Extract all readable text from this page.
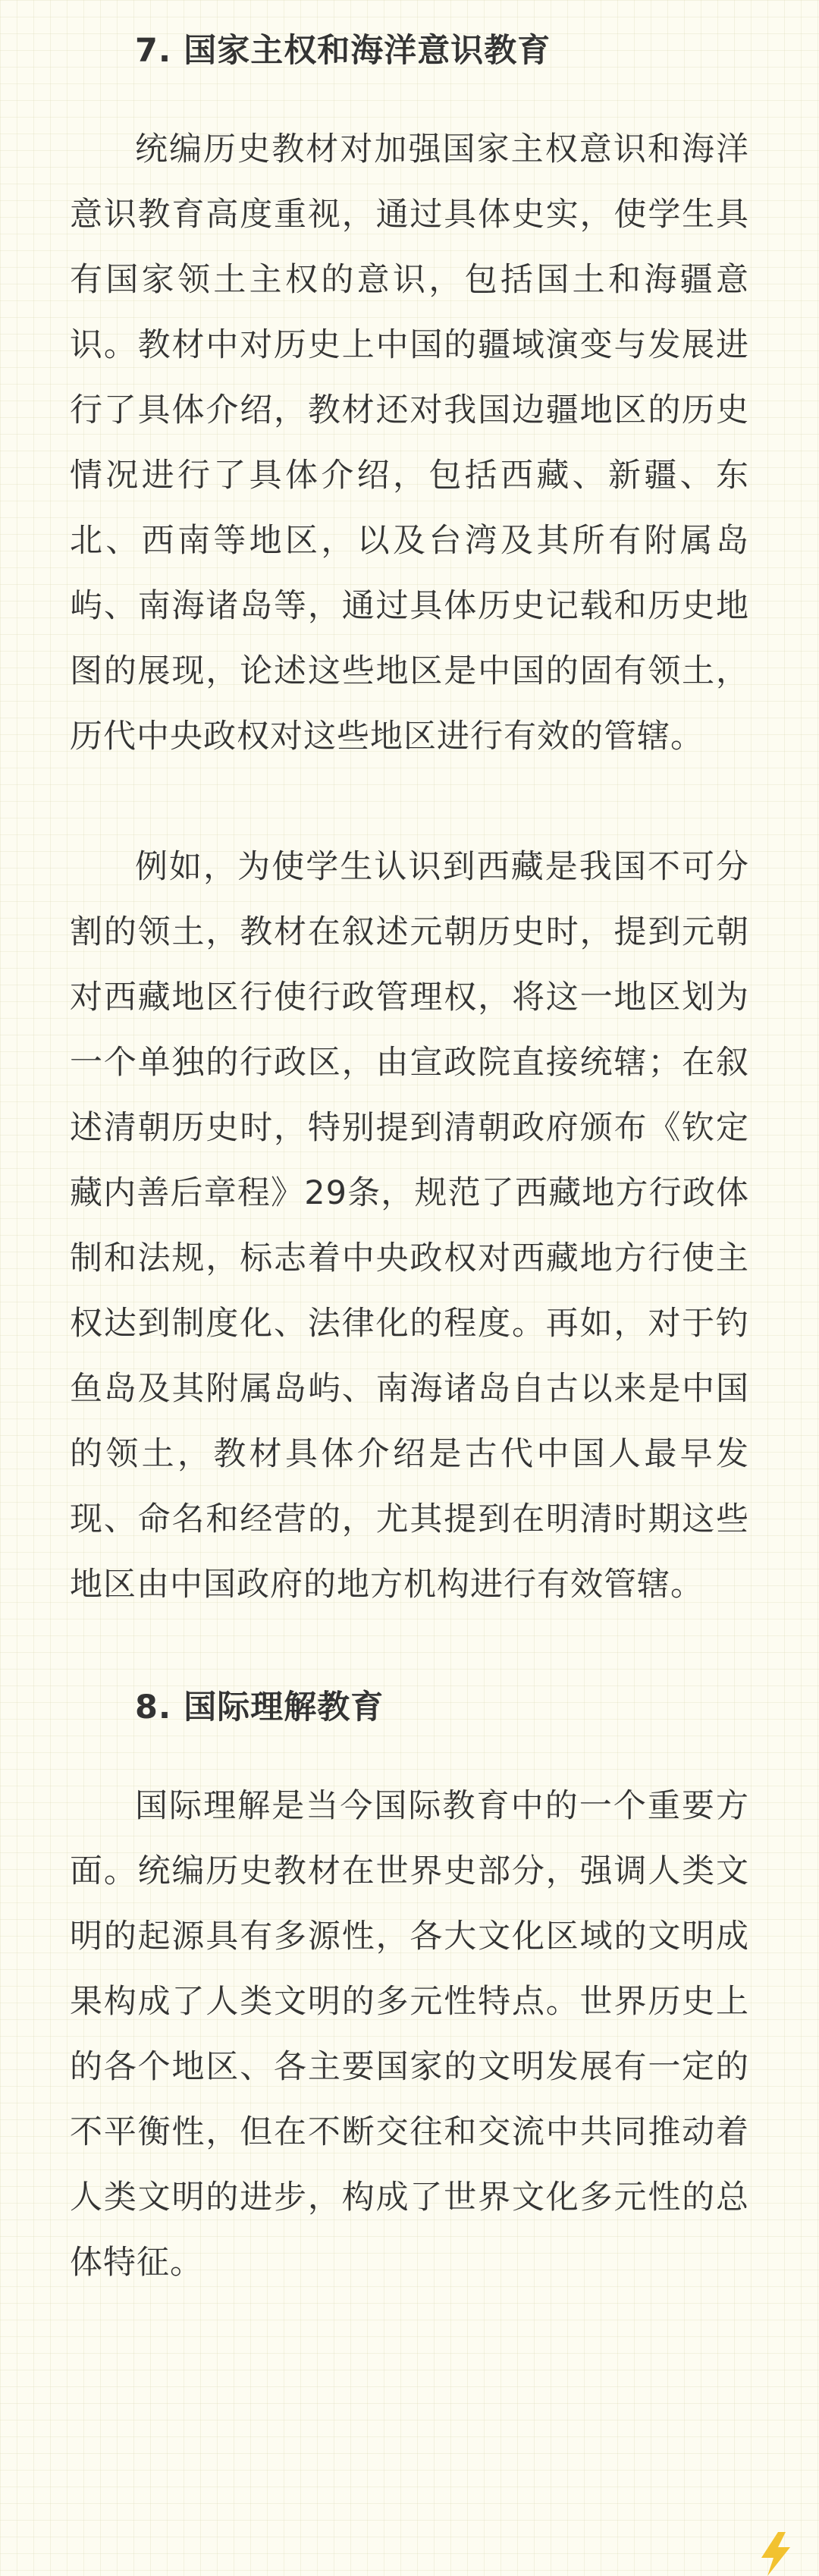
7. 国家主权和海洋意识教育

统编历史教材对加强国家主权意识和海洋意识教育高度重视，通过具体史实，使学生具有国家领土主权的意识，包括国土和海疆意识。教材中对历史上中国的疆域演变与发展进行了具体介绍，教材还对我国边疆地区的历史情况进行了具体介绍，包括西藏、新疆、东北、西南等地区，以及台湾及其所有附属岛屿、南海诸岛等，通过具体历史记载和历史地图的展现，论述这些地区是中国的固有领土，历代中央政权对这些地区进行有效的管辖。

例如，为使学生认识到西藏是我国不可分割的领土，教材在叙述元朝历史时，提到元朝对西藏地区行使行政管理权，将这一地区划为一个单独的行政区，由宣政院直接统辖；在叙述清朝历史时，特别提到清朝政府颁布《钦定藏内善后章程》29条，规范了西藏地方行政体制和法规，标志着中央政权对西藏地方行使主权达到制度化、法律化的程度。再如，对于钓鱼岛及其附属岛屿、南海诸岛自古以来是中国的领土，教材具体介绍是古代中国人最早发现、命名和经营的，尤其提到在明清时期这些地区由中国政府的地方机构进行有效管辖。

8. 国际理解教育

国际理解是当今国际教育中的一个重要方面。统编历史教材在世界史部分，强调人类文明的起源具有多源性，各大文化区域的文明成果构成了人类文明的多元性特点。世界历史上的各个地区、各主要国家的文明发展有一定的不平衡性，但在不断交往和交流中共同推动着人类文明的进步，构成了世界文化多元性的总体特征。
